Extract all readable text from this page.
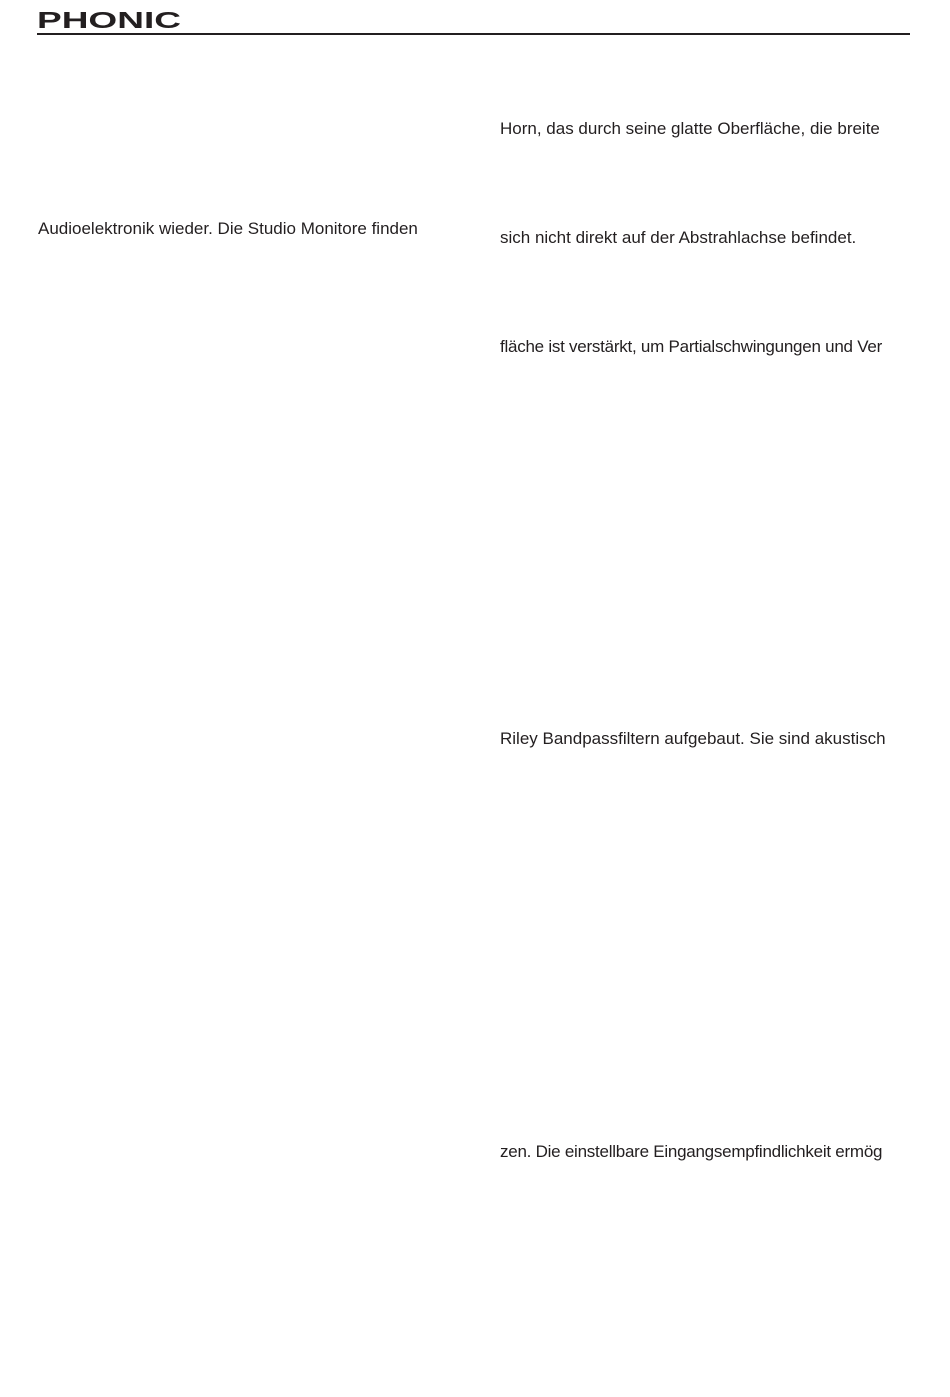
PHONIC
Audioelektronik wieder. Die Studio Monitore finden
Horn, das durch seine glatte Oberfläche, die breite
sich nicht direkt auf der Abstrahlachse befindet.
fläche ist verstärkt, um Partialschwingungen und Ver
Riley Bandpassfiltern aufgebaut. Sie sind akustisch
zen. Die einstellbare Eingangsempfindlichkeit ermög
